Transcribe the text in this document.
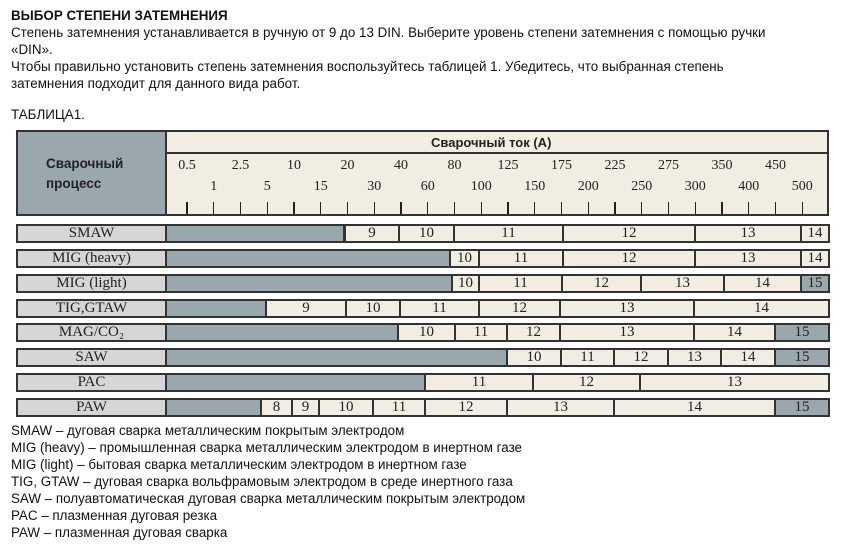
ВЫБОР СТЕПЕНИ ЗАТЕМНЕНИЯ

Степень затемнения устанавливается в ручную от 9 до 13 DIN. Выберите уровень степени затемнения с помощью ручки

«DIN».

Чтобы правильно установить степень затемнения воспользуйтесь таблицей 1. Убедитесь, что выбранная степень

затемнения подходит для данного вида работ.

ТАБЛИЦА1.
Сварочный
процесс
Сварочный ток (A)
0.5
1
2.5
5
10
15
20
30
40
60
80
100
125
150
175
200
225
250
275
300
350
400
450
500
SMAW	9	10	11	12	13	14
MIG (heavy)	10	11	12	13	14
MIG (light)	10	11	12	13	14	15
TIG,GTAW	9	10	11	12	13	14
MAG/CO₂	10	11	12	13	14	15
SAW	10	11	12	13	14	15
PAC	11	12	13
PAW	8	9	10	11	12	13	14	15
SMAW – дуговая сварка металлическим покрытым электродом
MIG (heavy) – промышленная сварка металлическим электродом в инертном газе
MIG (light) – бытовая сварка металлическим электродом в инертном газе
TIG, GTAW – дуговая сварка вольфрамовым электродом в среде инертного газа
SAW – полуавтоматическая дуговая сварка металлическим покрытым электродом
PAC – плазменная дуговая резка
PAW – плазменная дуговая сварка
